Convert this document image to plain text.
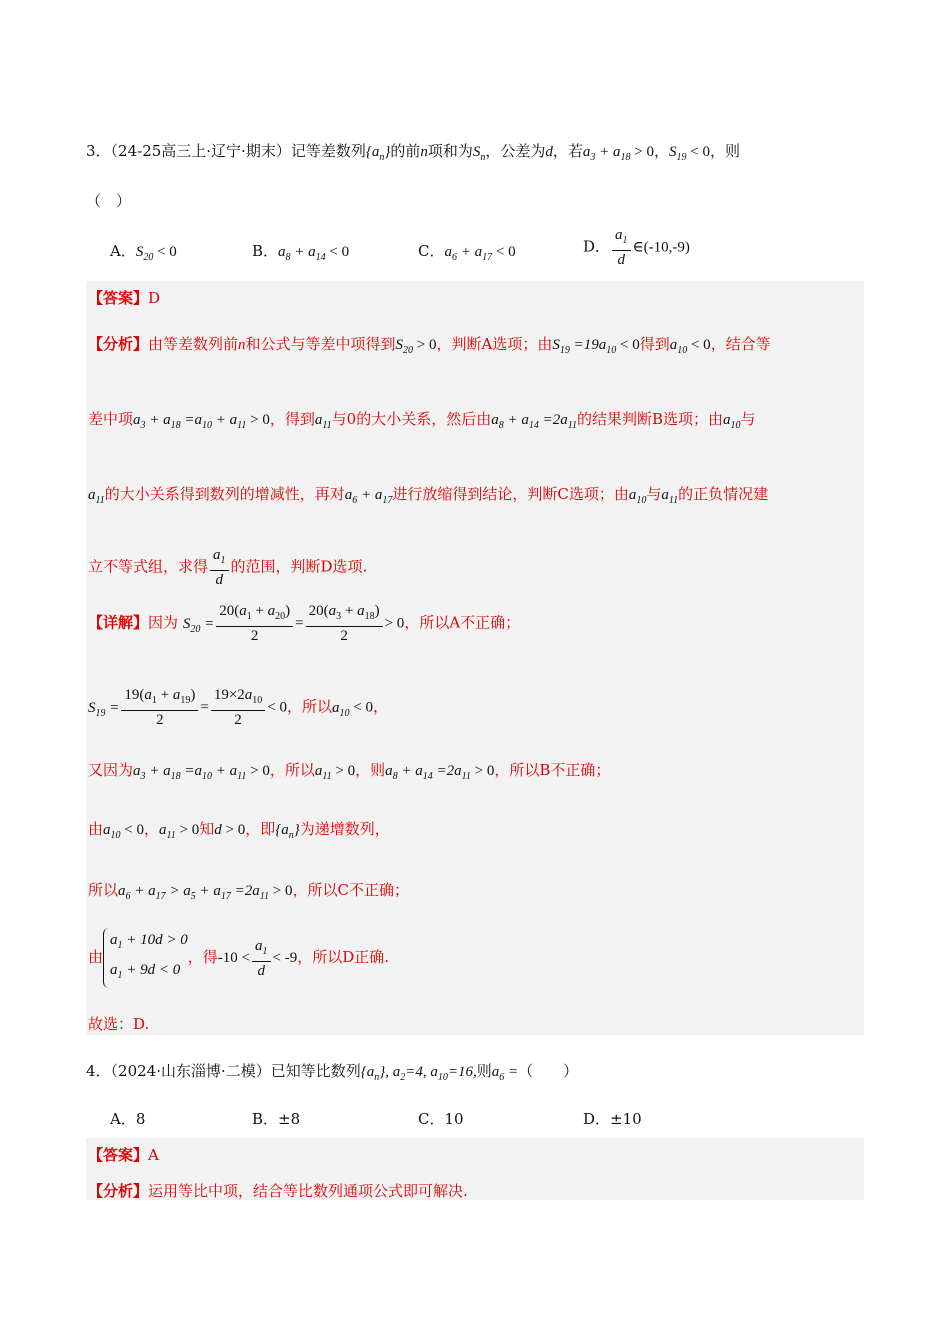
3．（24-25高三上·辽宁·期末）记等差数列$\{a_n\}$的前n项和为$S_n$，公差为d，若$a_3 + a_{18} > 0$，$S_{19} < 0$，则
（　）
A．$S_{20} < 0$	B．$a_8 + a_{14} < 0$	C．$a_6 + a_{17} < 0$	D． $\frac{a_1}{d}$ ∈(-10,-9)
【答案】D
【分析】由等差数列前n和公式与等差中项得到$S_{20} > 0$，判断A选项；由$S_{19} =19a_{10} < 0$得到$a_{10} < 0$，结合等
差中项$a_3 + a_{18} =a_{10} + a_{11} > 0$，得到$a_{11}$与0的大小关系，然后由$a_8 + a_{14} =2a_{11}$的结果判断B选项；由$a_{10}$与
$a_{11}$的大小关系得到数列的增减性，再对$a_6 + a_{17}$进行放缩得到结论，判断C选项；由$a_{10}$与$a_{11}$的正负情况建
立不等式组，求得 $\frac{a_1}{d}$ 的范围，判断D选项.
【详解】因为 $S_{20} = \frac{20(a_1 + a_{20})}{2} = \frac{20(a_3 + a_{18})}{2} > 0$，所以A不正确；
$S_{19} = \frac{19(a_1 + a_{19})}{2} = \frac{19\times 2a_{10}}{2} < 0$，所以$a_{10} < 0$，
又因为$a_3 + a_{18} =a_{10} + a_{11} > 0$，所以$a_{11} > 0$，则$a_8 + a_{14} =2a_{11} > 0$，所以B不正确；
由$a_{10} < 0$，$a_{11} > 0$知d > 0，即$\{a_n\}$为递增数列，
所以$a_6 + a_{17} > a_5 + a_{17} =2a_{11} > 0$，所以C不正确；
由
$a_1 + 10d > 0$
$a_1 + 9d < 0$
，得$-10 < \frac{a_1}{d} < -9$，所以D正确.
故选：D.
4．（2024·山东淄博·二模）已知等比数列$\{a_n\}$, $a_2=4$, $a_{10}=16$,则$a_6$ =（　　）
A．8	B．±8	C．10	D．±10
【答案】A
【分析】运用等比中项，结合等比数列通项公式即可解决.
